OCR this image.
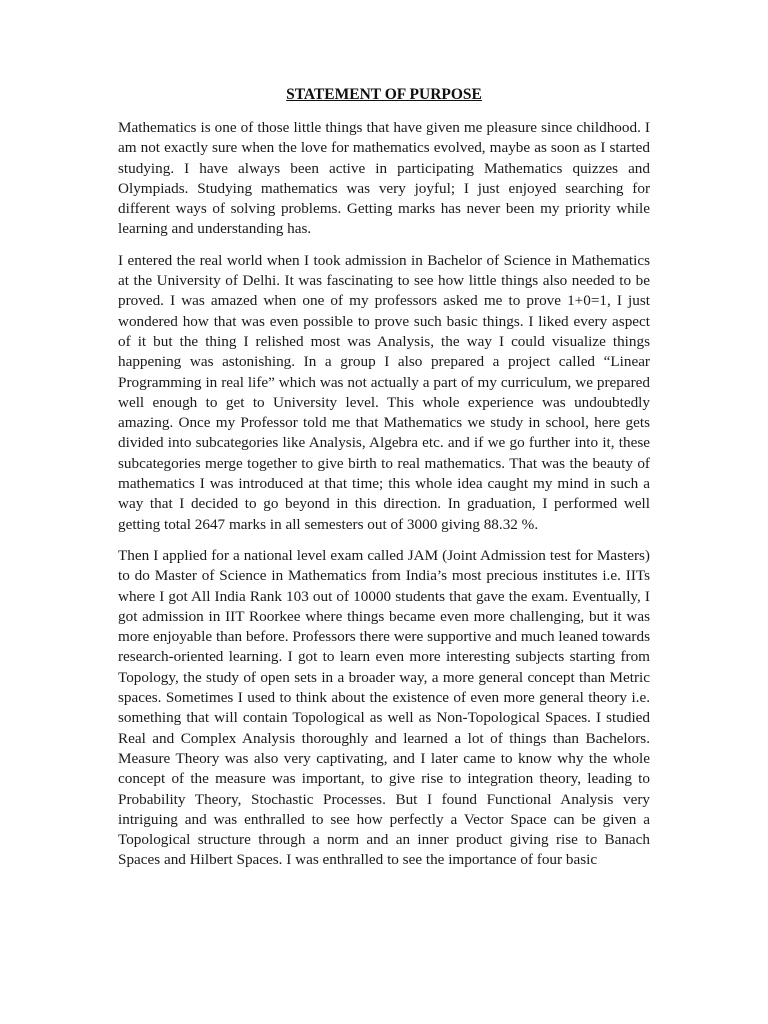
STATEMENT OF PURPOSE

Mathematics is one of those little things that have given me pleasure since childhood. I am not exactly sure when the love for mathematics evolved, maybe as soon as I started studying. I have always been active in participating Mathematics quizzes and Olympiads. Studying mathematics was very joyful; I just enjoyed searching for different ways of solving problems. Getting marks has never been my priority while learning and understanding has.

I entered the real world when I took admission in Bachelor of Science in Mathematics at the University of Delhi. It was fascinating to see how little things also needed to be proved. I was amazed when one of my professors asked me to prove 1+0=1, I just wondered how that was even possible to prove such basic things. I liked every aspect of it but the thing I relished most was Analysis, the way I could visualize things happening was astonishing. In a group I also prepared a project called “Linear Programming in real life” which was not actually a part of my curriculum, we prepared well enough to get to University level. This whole experience was undoubtedly amazing. Once my Professor told me that Mathematics we study in school, here gets divided into subcategories like Analysis, Algebra etc. and if we go further into it, these subcategories merge together to give birth to real mathematics. That was the beauty of mathematics I was introduced at that time; this whole idea caught my mind in such a way that I decided to go beyond in this direction. In graduation, I performed well getting total 2647 marks in all semesters out of 3000 giving 88.32 %.

Then I applied for a national level exam called JAM (Joint Admission test for Masters) to do Master of Science in Mathematics from India’s most precious institutes i.e. IITs where I got All India Rank 103 out of 10000 students that gave the exam. Eventually, I got admission in IIT Roorkee where things became even more challenging, but it was more enjoyable than before. Professors there were supportive and much leaned towards research-oriented learning. I got to learn even more interesting subjects starting from Topology, the study of open sets in a broader way, a more general concept than Metric spaces. Sometimes I used to think about the existence of even more general theory i.e. something that will contain Topological as well as Non-Topological Spaces. I studied Real and Complex Analysis thoroughly and learned a lot of things than Bachelors. Measure Theory was also very captivating, and I later came to know why the whole concept of the measure was important, to give rise to integration theory, leading to Probability Theory, Stochastic Processes. But I found Functional Analysis very intriguing and was enthralled to see how perfectly a Vector Space can be given a Topological structure through a norm and an inner product giving rise to Banach Spaces and Hilbert Spaces. I was enthralled to see the importance of four basic
